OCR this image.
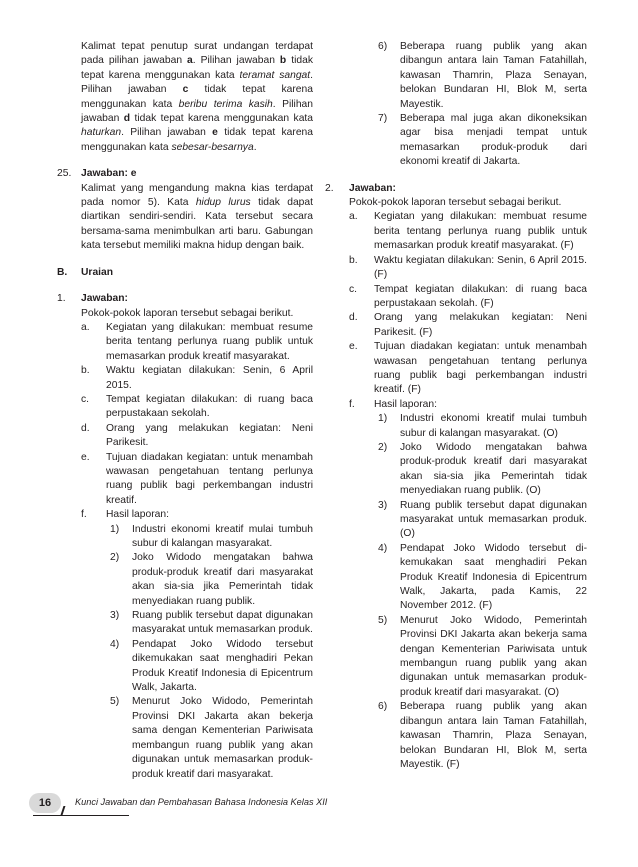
Kalimat tepat penutup surat undangan terdapat pada pilihan jawaban a. Pilihan jawaban b tidak tepat karena menggunakan kata teramat sangat. Pilihan jawaban c tidak tepat karena menggunakan kata beribu terima kasih. Pilihan jawaban d tidak tepat karena menggunakan kata haturkan. Pilihan jawaban e tidak tepat karena menggunakan kata sebesar-besarnya.
25. Jawaban: e
Kalimat yang mengandung makna kias terdapat pada nomor 5). Kata hidup lurus tidak dapat diartikan sendiri-sendiri. Kata tersebut secara bersama-sama menimbulkan arti baru. Gabungan kata tersebut memiliki makna hidup dengan baik.
B. Uraian
1. Jawaban:
Pokok-pokok laporan tersebut sebagai berikut.
a. Kegiatan yang dilakukan: membuat resume berita tentang perlunya ruang publik untuk memasarkan produk kreatif masyarakat.
b. Waktu kegiatan dilakukan: Senin, 6 April 2015.
c. Tempat kegiatan dilakukan: di ruang baca perpustakaan sekolah.
d. Orang yang melakukan kegiatan: Neni Parikesit.
e. Tujuan diadakan kegiatan: untuk menambah wawasan pengetahuan tentang perlunya ruang publik bagi perkembangan industri kreatif.
f. Hasil laporan:
1) Industri ekonomi kreatif mulai tumbuh subur di kalangan masyarakat.
2) Joko Widodo mengatakan bahwa produk-produk kreatif dari masyarakat akan sia-sia jika Pemerintah tidak menyediakan ruang publik.
3) Ruang publik tersebut dapat digunakan masyarakat untuk memasarkan produk.
4) Pendapat Joko Widodo tersebut dikemukakan saat menghadiri Pekan Produk Kreatif Indonesia di Epicentrum Walk, Jakarta.
5) Menurut Joko Widodo, Pemerintah Provinsi DKI Jakarta akan bekerja sama dengan Kementerian Pariwisata membangun ruang publik yang akan digunakan untuk memasarkan produk-produk kreatif dari masyarakat.
6) Beberapa ruang publik yang akan dibangun antara lain Taman Fatahillah, kawasan Thamrin, Plaza Senayan, belokan Bundaran HI, Blok M, serta Mayestik.
7) Beberapa mal juga akan dikoneksikan agar bisa menjadi tempat untuk memasarkan produk-produk dari ekonomi kreatif di Jakarta.
2. Jawaban:
Pokok-pokok laporan tersebut sebagai berikut.
a. Kegiatan yang dilakukan: membuat resume berita tentang perlunya ruang publik untuk memasarkan produk kreatif masyarakat. (F)
b. Waktu kegiatan dilakukan: Senin, 6 April 2015. (F)
c. Tempat kegiatan dilakukan: di ruang baca perpustakaan sekolah. (F)
d. Orang yang melakukan kegiatan: Neni Parikesit. (F)
e. Tujuan diadakan kegiatan: untuk menambah wawasan pengetahuan tentang perlunya ruang publik bagi perkembangan industri kreatif. (F)
f. Hasil laporan:
1) Industri ekonomi kreatif mulai tumbuh subur di kalangan masyarakat. (O)
2) Joko Widodo mengatakan bahwa produk-produk kreatif dari masyarakat akan sia-sia jika Pemerintah tidak menyediakan ruang publik. (O)
3) Ruang publik tersebut dapat digunakan masyarakat untuk memasarkan produk. (O)
4) Pendapat Joko Widodo tersebut di-kemukakan saat menghadiri Pekan Produk Kreatif Indonesia di Epicentrum Walk, Jakarta, pada Kamis, 22 November 2012. (F)
5) Menurut Joko Widodo, Pemerintah Provinsi DKI Jakarta akan bekerja sama dengan Kementerian Pariwisata untuk membangun ruang publik yang akan digunakan untuk memasarkan produk-produk kreatif dari masyarakat. (O)
6) Beberapa ruang publik yang akan dibangun antara lain Taman Fatahillah, kawasan Thamrin, Plaza Senayan, belokan Bundaran HI, Blok M, serta Mayestik. (F)
16	Kunci Jawaban dan Pembahasan Bahasa Indonesia Kelas XII
